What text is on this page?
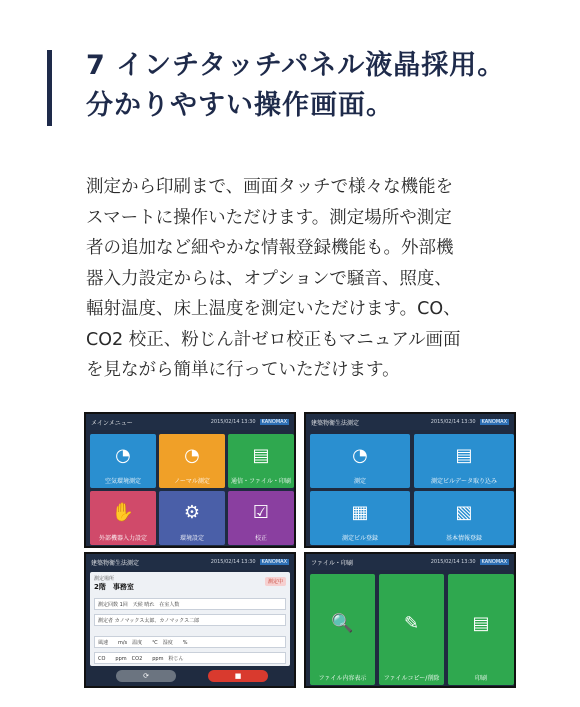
7 インチタッチパネル液晶採用。
分かりやすい操作画面。
測定から印刷まで、画面タッチで様々な機能を
スマートに操作いただけます。測定場所や測定
者の追加など細やかな情報登録機能も。外部機
器入力設定からは、オプションで騒音、照度、
輻射温度、床上温度を測定いただけます。CO、
CO2 校正、粉じん計ゼロ校正もマニュアル画面
を見ながら簡単に行っていただけます。
メインメニュー	2015/02/14 13:30	KANOMAX
◔
空気環境測定
◔
ノーマル測定
▤
通信・ファイル・印刷
✋
外部機器入力設定
⚙
環境設定
☑
校正
建築物衛生法測定	2015/02/14 13:30	KANOMAX
◔
測定
▤
測定ビルデータ取り込み
▦
測定ビル登録
▧
基本情報登録
建築物衛生法測定	2015/02/14 13:30	KANOMAX
測定場所
2階　事務室
測定中
測定回数 1回　天候 晴れ　在室人数　　
測定者 カノマックス太郎、カノマックス二郎
風速　　m/s　温度　　℃　湿度　　%
CO　　ppm　CO2　　ppm　粉じん　　
⟳	■
ファイル・印刷	2015/02/14 13:30	KANOMAX
🔍
ファイル内容表示
✎
ファイルコピー/削除
▤
印刷
